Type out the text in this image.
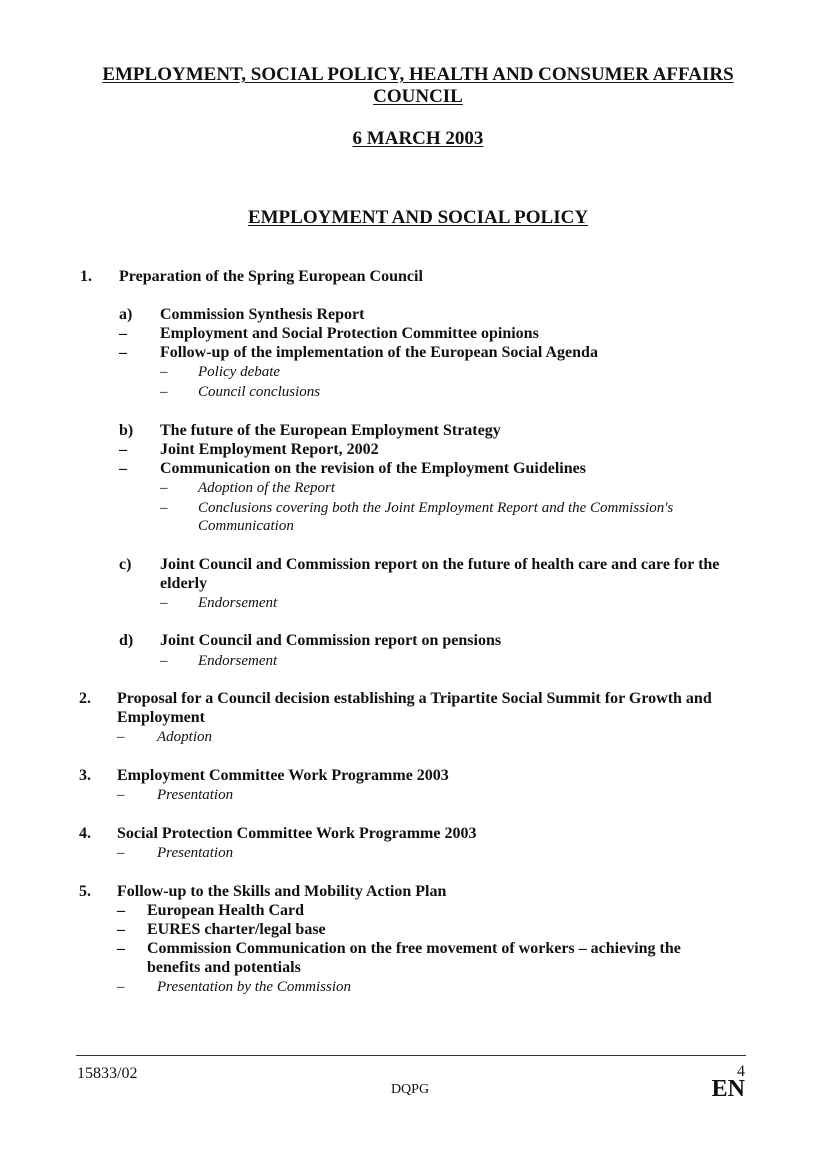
EMPLOYMENT, SOCIAL POLICY, HEALTH AND CONSUMER AFFAIRS
COUNCIL
6 MARCH 2003
EMPLOYMENT AND SOCIAL POLICY
1. Preparation of the Spring European Council
a) Commission Synthesis Report
– Employment and Social Protection Committee opinions
– Follow-up of the implementation of the European Social Agenda
– Policy debate
– Council conclusions
b) The future of the European Employment Strategy
– Joint Employment Report, 2002
– Communication on the revision of the Employment Guidelines
– Adoption of the Report
– Conclusions covering both the Joint Employment Report and the Commission's
Communication
c) Joint Council and Commission report on the future of health care and care for the
elderly
– Endorsement
d) Joint Council and Commission report on pensions
– Endorsement
2. Proposal for a Council decision establishing a Tripartite Social Summit for Growth and
Employment
– Adoption
3. Employment Committee Work Programme 2003
– Presentation
4. Social Protection Committee Work Programme 2003
– Presentation
5. Follow-up to the Skills and Mobility Action Plan
– European Health Card
– EURES charter/legal base
– Commission Communication on the free movement of workers – achieving the
benefits and potentials
– Presentation by the Commission
15833/02	4
DQPG	EN
